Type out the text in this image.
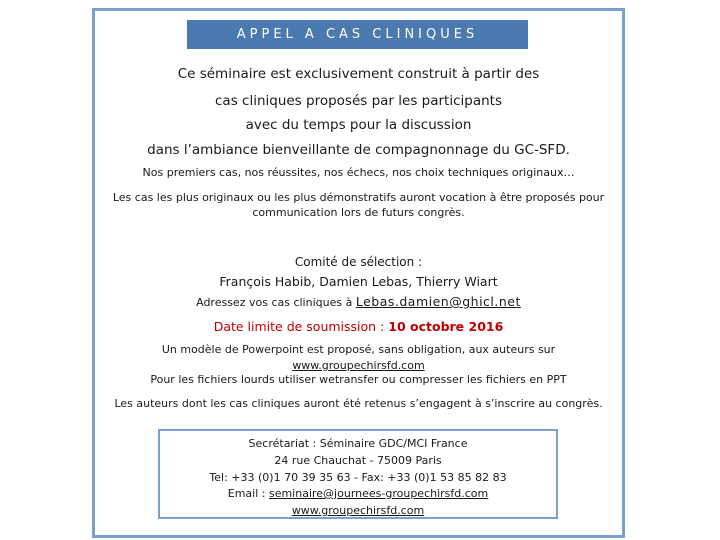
APPEL A CAS CLINIQUES
Ce séminaire est exclusivement construit à partir des
cas cliniques proposés par les participants
avec du temps pour la discussion
dans l’ambiance bienveillante de compagnonnage du GC-SFD.
Nos premiers cas, nos réussites, nos échecs, nos choix techniques originaux…
Les cas les plus originaux ou les plus démonstratifs auront vocation à être proposés pour communication lors de futurs congrès.
Comité de sélection :
François Habib, Damien Lebas, Thierry Wiart
Adressez vos cas cliniques à Lebas.damien@ghicl.net
Date limite de soumission : 10 octobre 2016
Un modèle de Powerpoint est proposé, sans obligation, aux auteurs sur
www.groupechirsfd.com
Pour les fichiers lourds utiliser wetransfer ou compresser les fichiers en PPT
Les auteurs dont les cas cliniques auront été retenus s’engagent à s’inscrire au congrès.
Secrétariat : Séminaire GDC/MCI France
24 rue Chauchat - 75009 Paris
Tel: +33 (0)1 70 39 35 63 - Fax: +33 (0)1 53 85 82 83
Email : seminaire@journees-groupechirsfd.com
www.groupechirsfd.com
